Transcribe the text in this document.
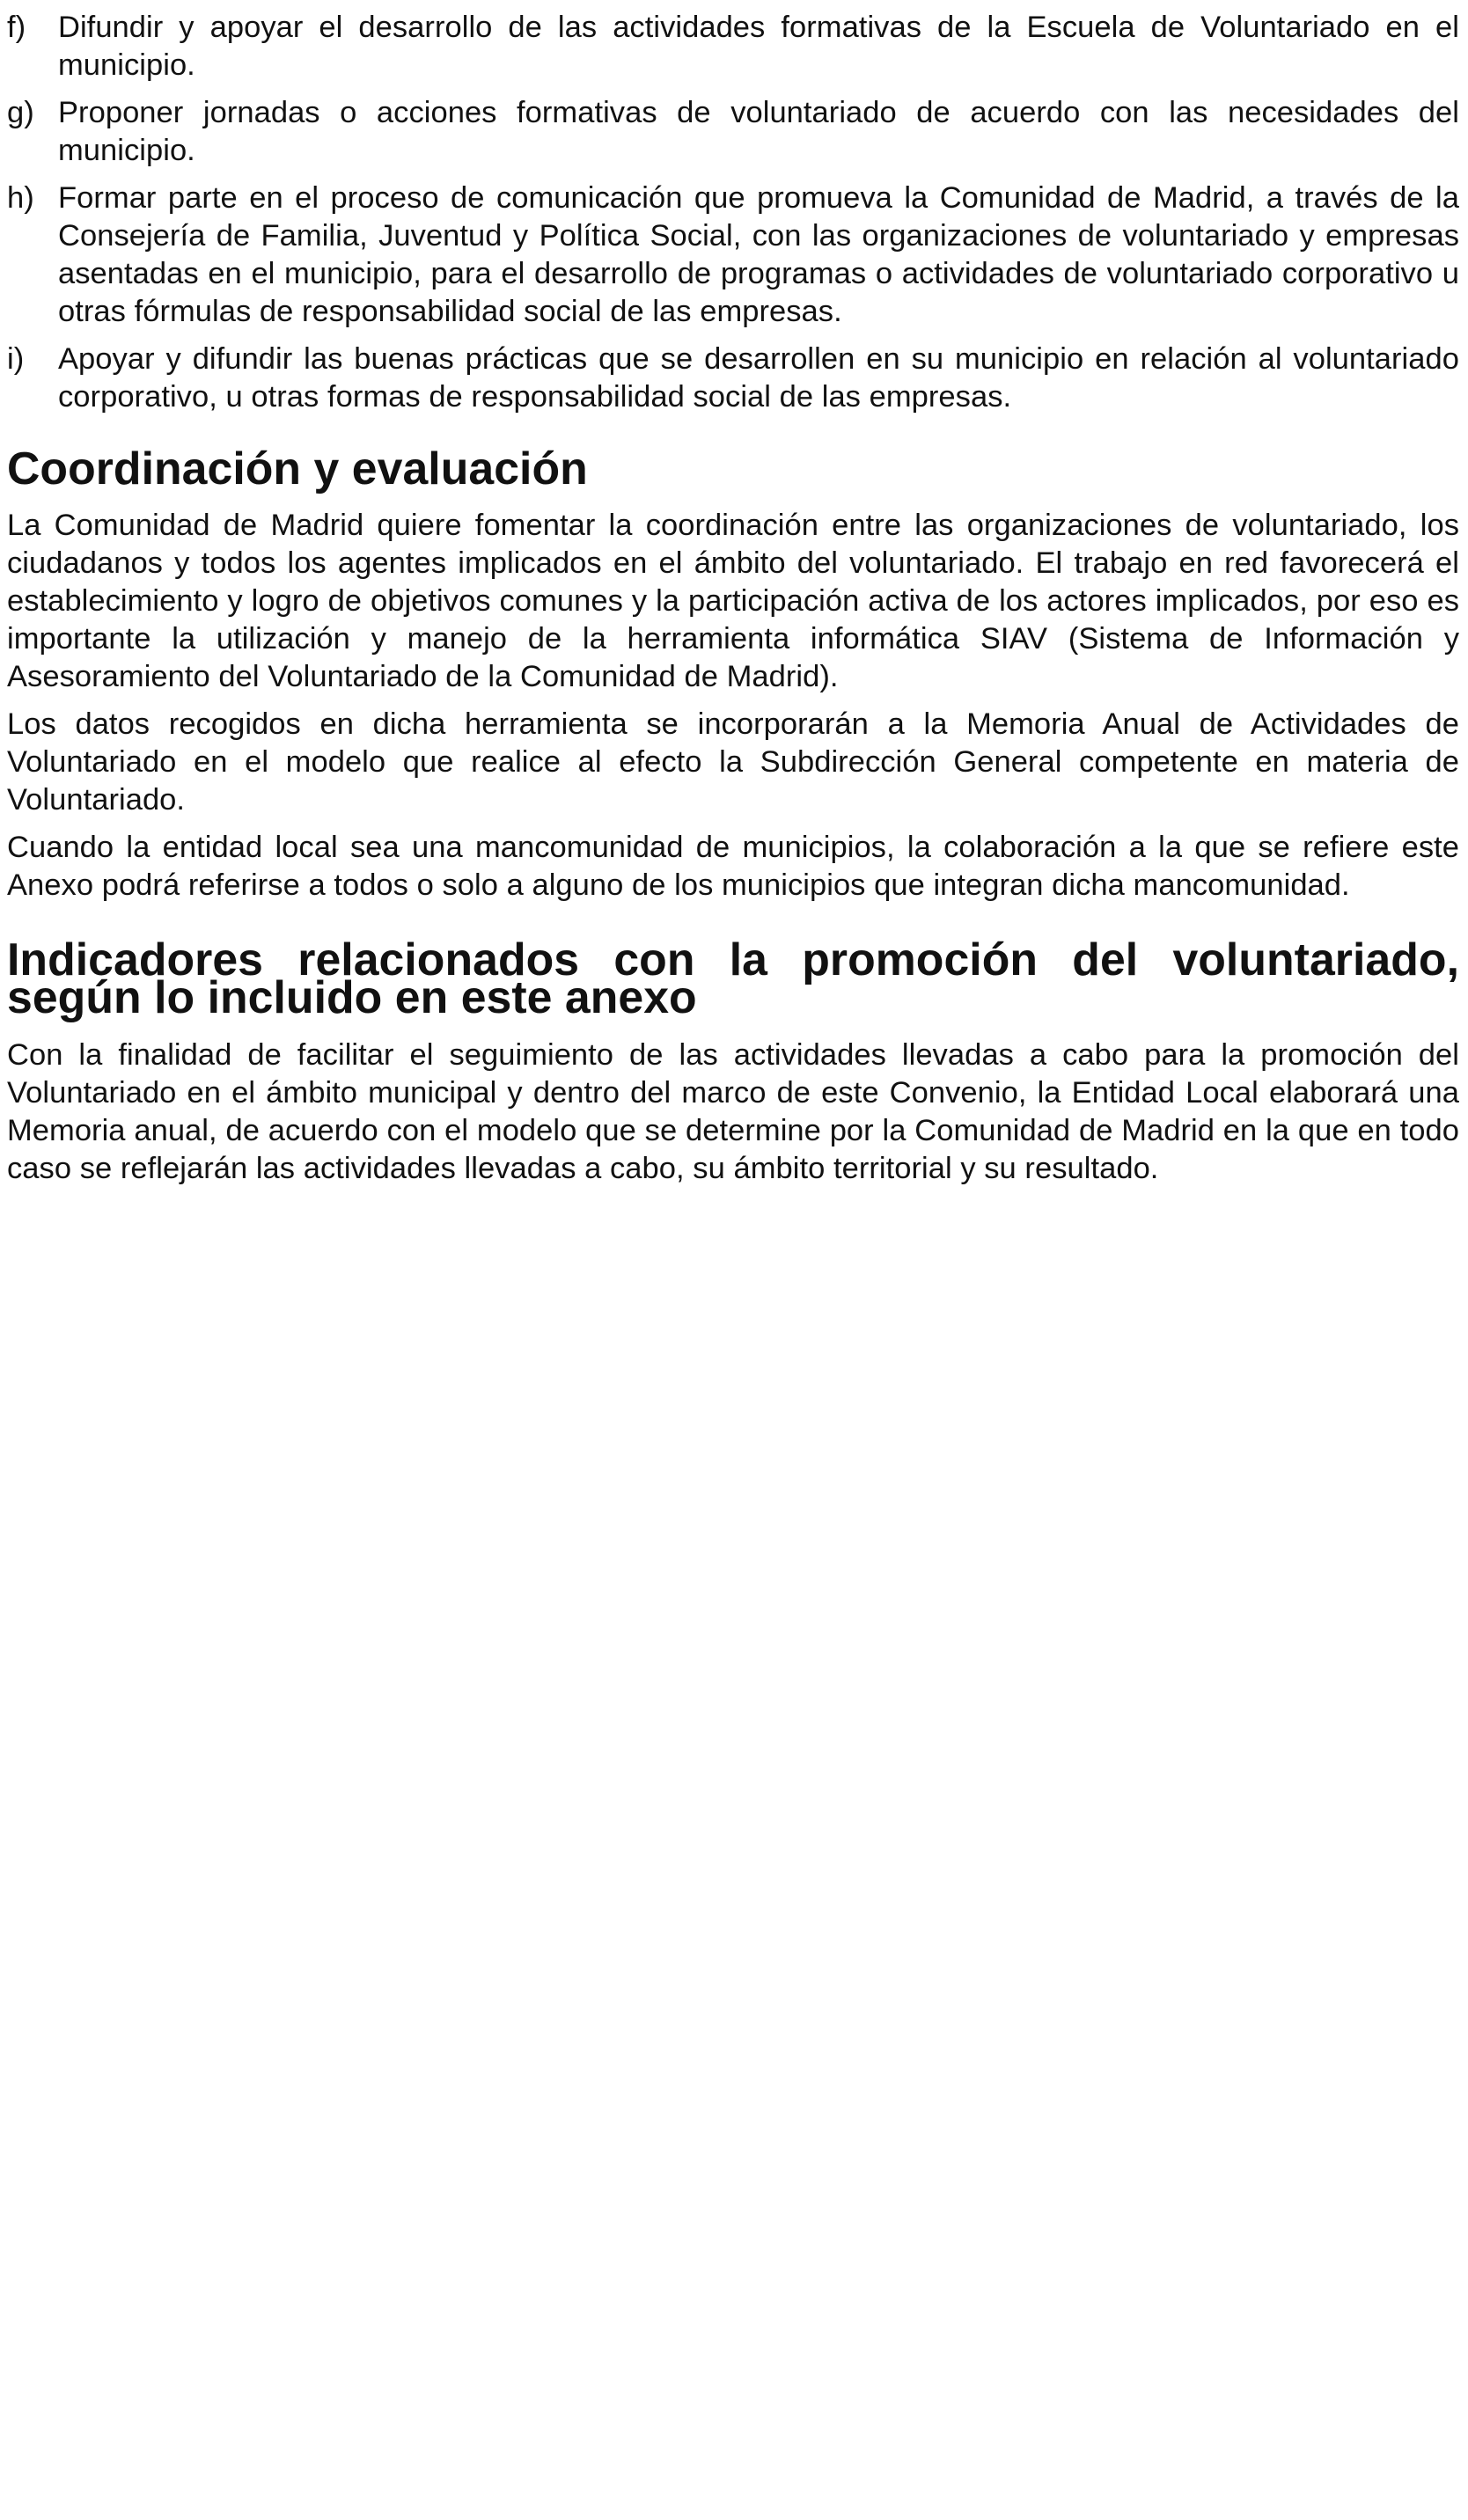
f)	Difundir y apoyar el desarrollo de las actividades formativas de la Escuela de Voluntariado en el municipio.
g) Proponer jornadas o acciones formativas de voluntariado de acuerdo con las necesidades del municipio.
h) Formar parte en el proceso de comunicación que promueva la Comunidad de Madrid, a través de la Consejería de Familia, Juventud y Política Social, con las organizaciones de voluntariado y empresas asentadas en el municipio, para el desarrollo de programas o actividades de voluntariado corporativo u otras fórmulas de responsabilidad social de las empresas.
i)	Apoyar y difundir las buenas prácticas que se desarrollen en su municipio en relación al voluntariado corporativo, u otras formas de responsabilidad social de las empresas.
Coordinación y evaluación

La Comunidad de Madrid quiere fomentar la coordinación entre las organizaciones de voluntariado, los ciudadanos y todos los agentes implicados en el ámbito del voluntariado. El trabajo en red favorecerá el establecimiento y logro de objetivos comunes y la participación activa de los actores implicados, por eso es importante la utilización y manejo de la herramienta informática SIAV (Sistema de Información y Asesoramiento del Voluntariado de la Comunidad de Madrid).

Los datos recogidos en dicha herramienta se incorporarán a la Memoria Anual de Actividades de Voluntariado en el modelo que realice al efecto la Subdirección General competente en materia de Voluntariado.

Cuando la entidad local sea una mancomunidad de municipios, la colaboración a la que se refiere este Anexo podrá referirse a todos o solo a alguno de los municipios que integran dicha mancomunidad.

Indicadores relacionados con la promoción del voluntariado, según lo incluido en este anexo

Con la finalidad de facilitar el seguimiento de las actividades llevadas a cabo para la promoción del Voluntariado en el ámbito municipal y dentro del marco de este Convenio, la Entidad Local elaborará una Memoria anual, de acuerdo con el modelo que se determine por la Comunidad de Madrid en la que en todo caso se reflejarán las actividades llevadas a cabo, su ámbito territorial y su resultado.
